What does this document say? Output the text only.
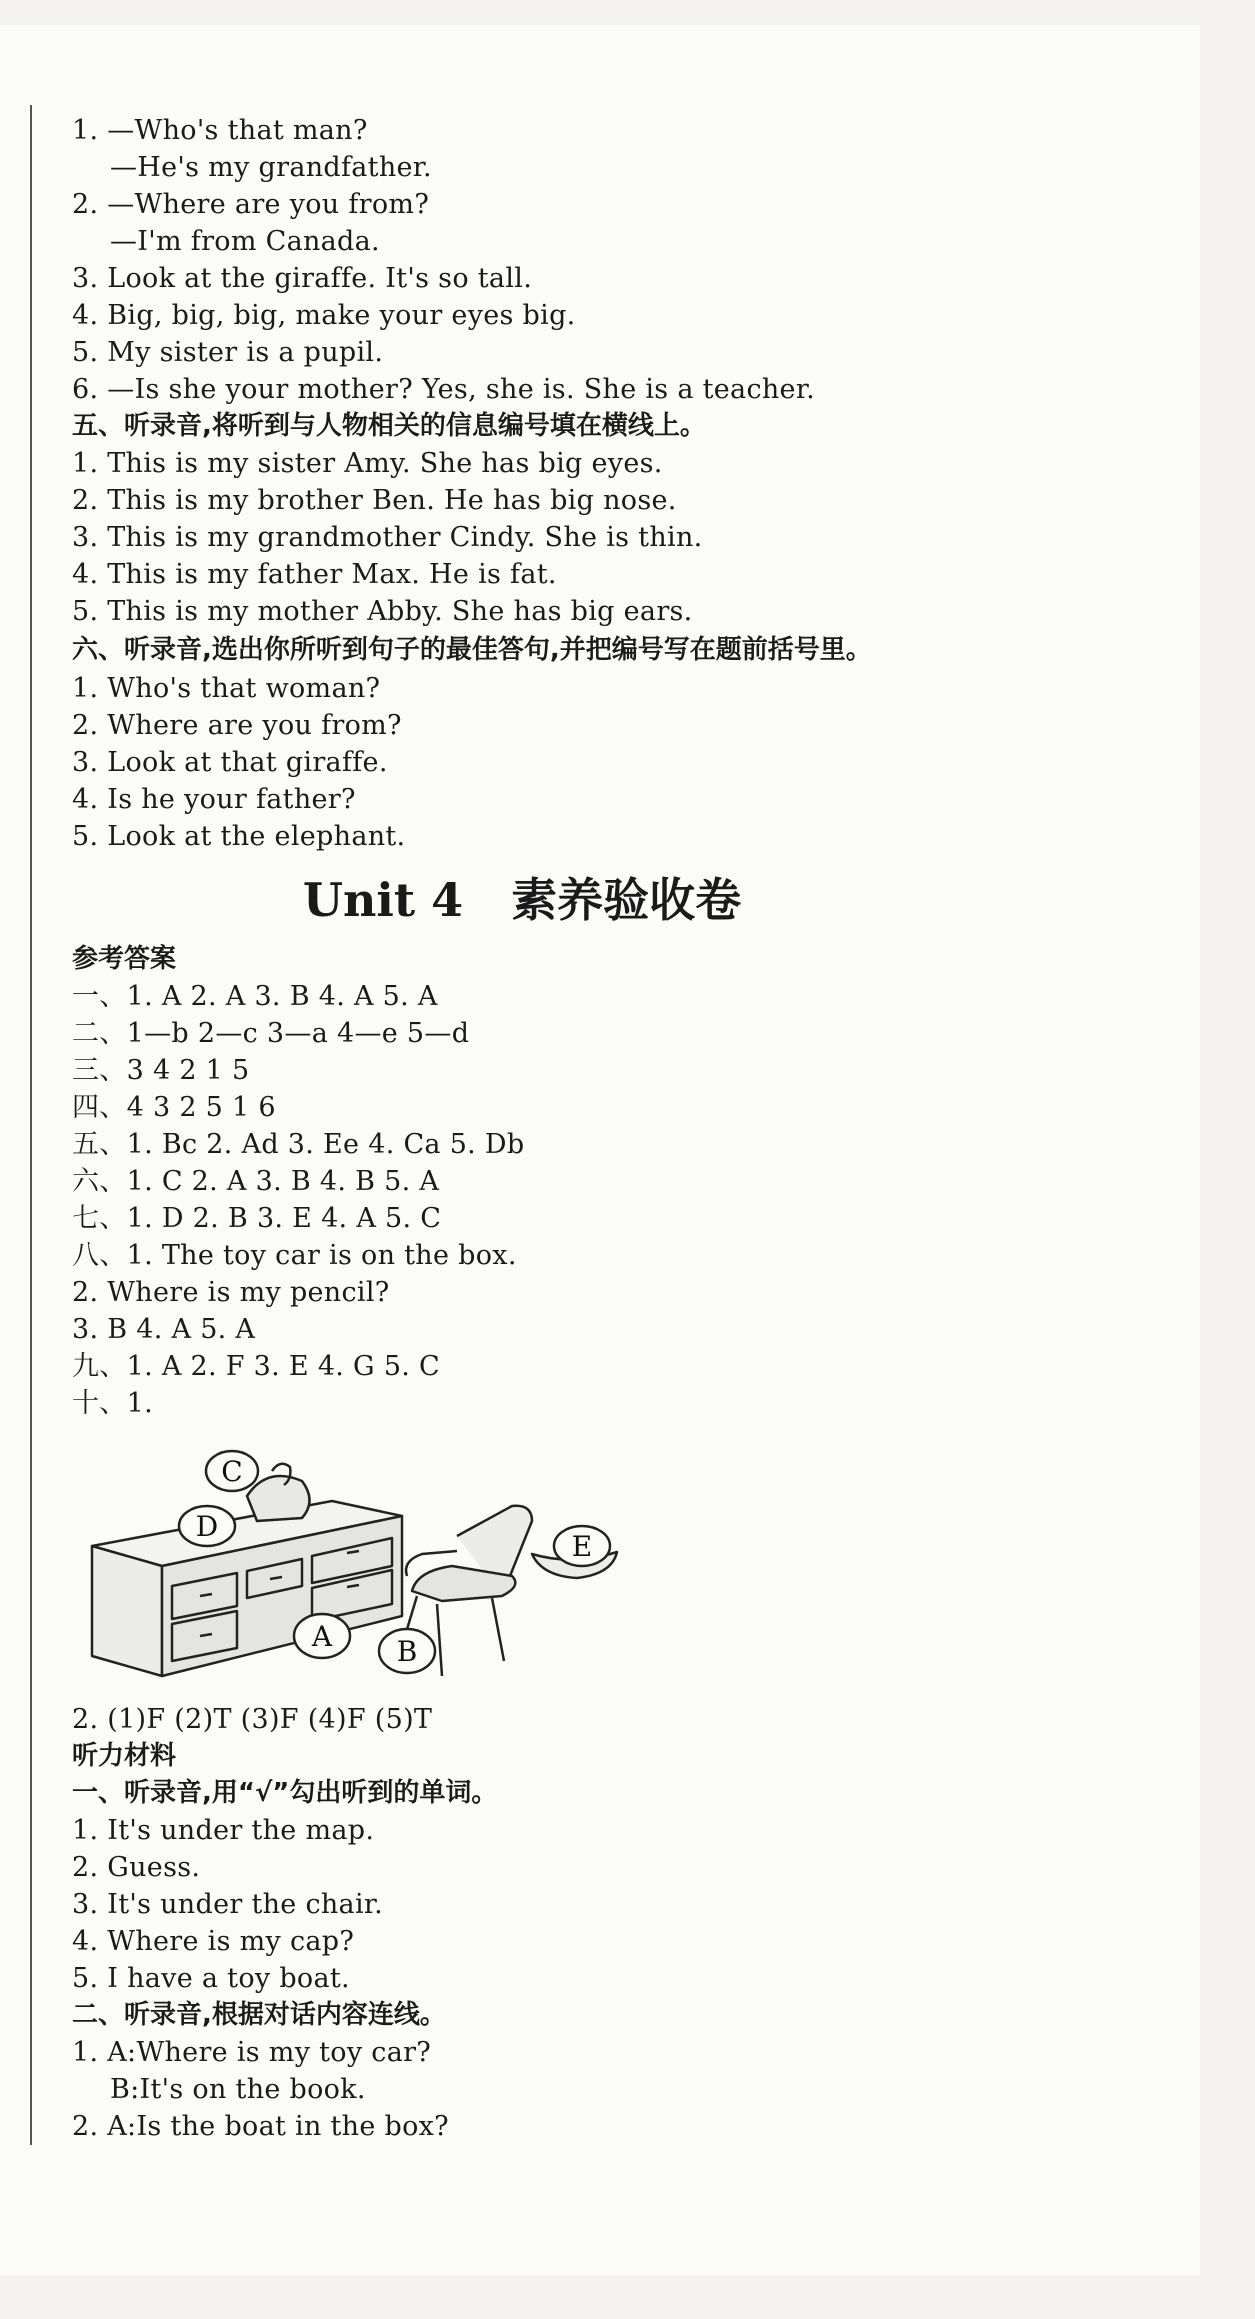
1. —Who's that man?
—He's my grandfather.
2. —Where are you from?
—I'm from Canada.
3. Look at the giraffe. It's so tall.
4. Big, big, big, make your eyes big.
5. My sister is a pupil.
6. —Is she your mother? Yes, she is. She is a teacher.
五、听录音,将听到与人物相关的信息编号填在横线上。
1. This is my sister Amy. She has big eyes.
2. This is my brother Ben. He has big nose.
3. This is my grandmother Cindy. She is thin.
4. This is my father Max. He is fat.
5. This is my mother Abby. She has big ears.
六、听录音,选出你所听到句子的最佳答句,并把编号写在题前括号里。
1. Who's that woman?
2. Where are you from?
3. Look at that giraffe.
4. Is he your father?
5. Look at the elephant.
Unit 4 素养验收卷
参考答案
一、1. A 2. A 3. B 4. A 5. A
二、1—b 2—c 3—a 4—e 5—d
三、3 4 2 1 5
四、4 3 2 5 1 6
五、1. Bc 2. Ad 3. Ee 4. Ca 5. Db
六、1. C 2. A 3. B 4. B 5. A
七、1. D 2. B 3. E 4. A 5. C
八、1. The toy car is on the box.
2. Where is my pencil?
3. B 4. A 5. A
九、1. A 2. F 3. E 4. G 5. C
十、1.
C
D
A B
E
2. (1)F (2)T (3)F (4)F (5)T
听力材料
一、听录音,用“√”勾出听到的单词。
1. It's under the map.
2. Guess.
3. It's under the chair.
4. Where is my cap?
5. I have a toy boat.
二、听录音,根据对话内容连线。
1. A:Where is my toy car?
B:It's on the book.
2. A:Is the boat in the box?
